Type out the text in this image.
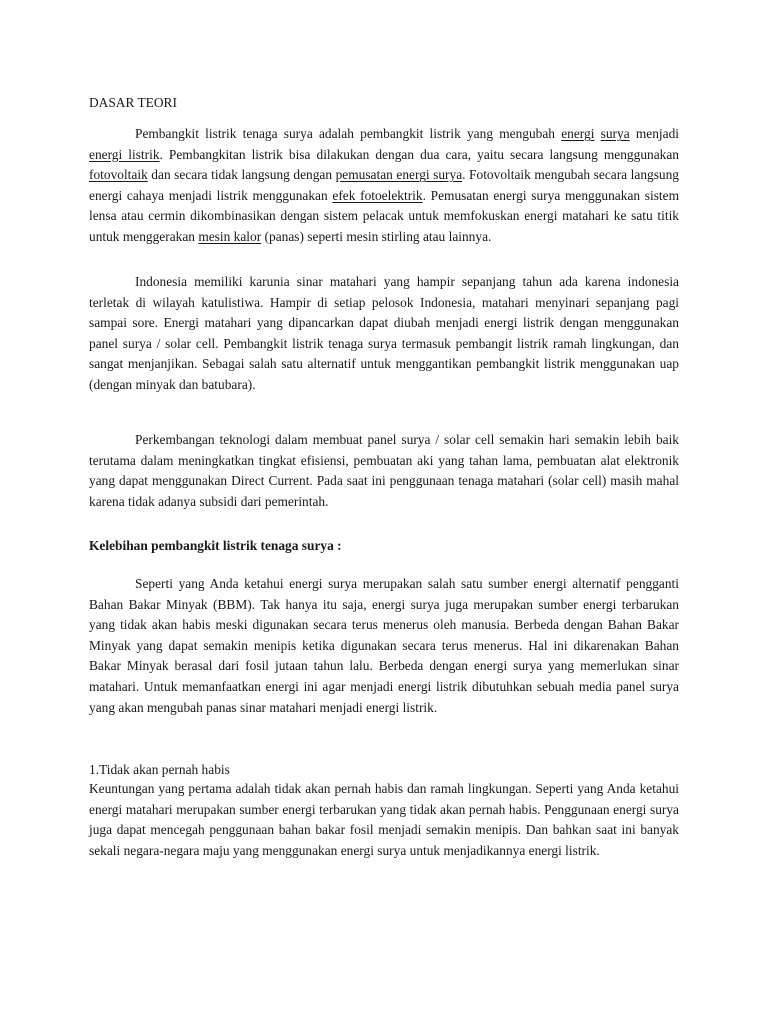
DASAR TEORI

Pembangkit listrik tenaga surya adalah pembangkit listrik yang mengubah energi surya menjadi energi listrik. Pembangkitan listrik bisa dilakukan dengan dua cara, yaitu secara langsung menggunakan fotovoltaik dan secara tidak langsung dengan pemusatan energi surya. Fotovoltaik mengubah secara langsung energi cahaya menjadi listrik menggunakan efek fotoelektrik. Pemusatan energi surya menggunakan sistem lensa atau cermin dikombinasikan dengan sistem pelacak untuk memfokuskan energi matahari ke satu titik untuk menggerakan mesin kalor (panas) seperti mesin stirling atau lainnya.

Indonesia memiliki karunia sinar matahari yang hampir sepanjang tahun ada karena indonesia terletak di wilayah katulistiwa. Hampir di setiap pelosok Indonesia, matahari menyinari sepanjang pagi sampai sore. Energi matahari yang dipancarkan dapat diubah menjadi energi listrik dengan menggunakan panel surya / solar cell. Pembangkit listrik tenaga surya termasuk pembangit listrik ramah lingkungan, dan sangat menjanjikan. Sebagai salah satu alternatif untuk menggantikan pembangkit listrik menggunakan uap (dengan minyak dan batubara).

Perkembangan teknologi dalam membuat panel surya / solar cell semakin hari semakin lebih baik terutama dalam meningkatkan tingkat efisiensi, pembuatan aki yang tahan lama, pembuatan alat elektronik yang dapat menggunakan Direct Current. Pada saat ini penggunaan tenaga matahari (solar cell) masih mahal karena tidak adanya subsidi dari pemerintah.

Kelebihan pembangkit listrik tenaga surya :

Seperti yang Anda ketahui energi surya merupakan salah satu sumber energi alternatif pengganti Bahan Bakar Minyak (BBM). Tak hanya itu saja, energi surya juga merupakan sumber energi terbarukan yang tidak akan habis meski digunakan secara terus menerus oleh manusia. Berbeda dengan Bahan Bakar Minyak yang dapat semakin menipis ketika digunakan secara terus menerus. Hal ini dikarenakan Bahan Bakar Minyak berasal dari fosil jutaan tahun lalu. Berbeda dengan energi surya yang memerlukan sinar matahari. Untuk memanfaatkan energi ini agar menjadi energi listrik dibutuhkan sebuah media panel surya yang akan mengubah panas sinar matahari menjadi energi listrik.

1.Tidak akan pernah habis

Keuntungan yang pertama adalah tidak akan pernah habis dan ramah lingkungan. Seperti yang Anda ketahui energi matahari merupakan sumber energi terbarukan yang tidak akan pernah habis. Penggunaan energi surya juga dapat mencegah penggunaan bahan bakar fosil menjadi semakin menipis. Dan bahkan saat ini banyak sekali negara-negara maju yang menggunakan energi surya untuk menjadikannya energi listrik.
